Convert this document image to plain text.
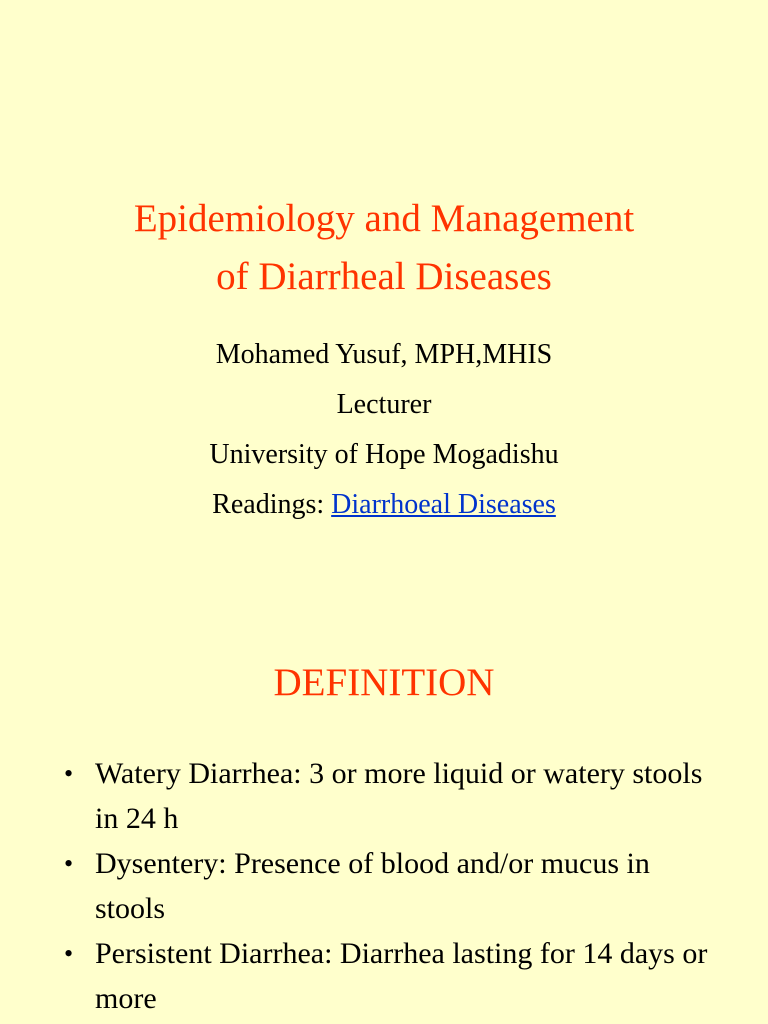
Epidemiology and Management
of Diarrheal Diseases
Mohamed Yusuf, MPH,MHIS
Lecturer
University of Hope Mogadishu
Readings: Diarrhoeal Diseases
DEFINITION
• Watery Diarrhea: 3 or more liquid or watery stools in 24 h
• Dysentery: Presence of blood and/or mucus in stools
• Persistent Diarrhea: Diarrhea lasting for 14 days or more
